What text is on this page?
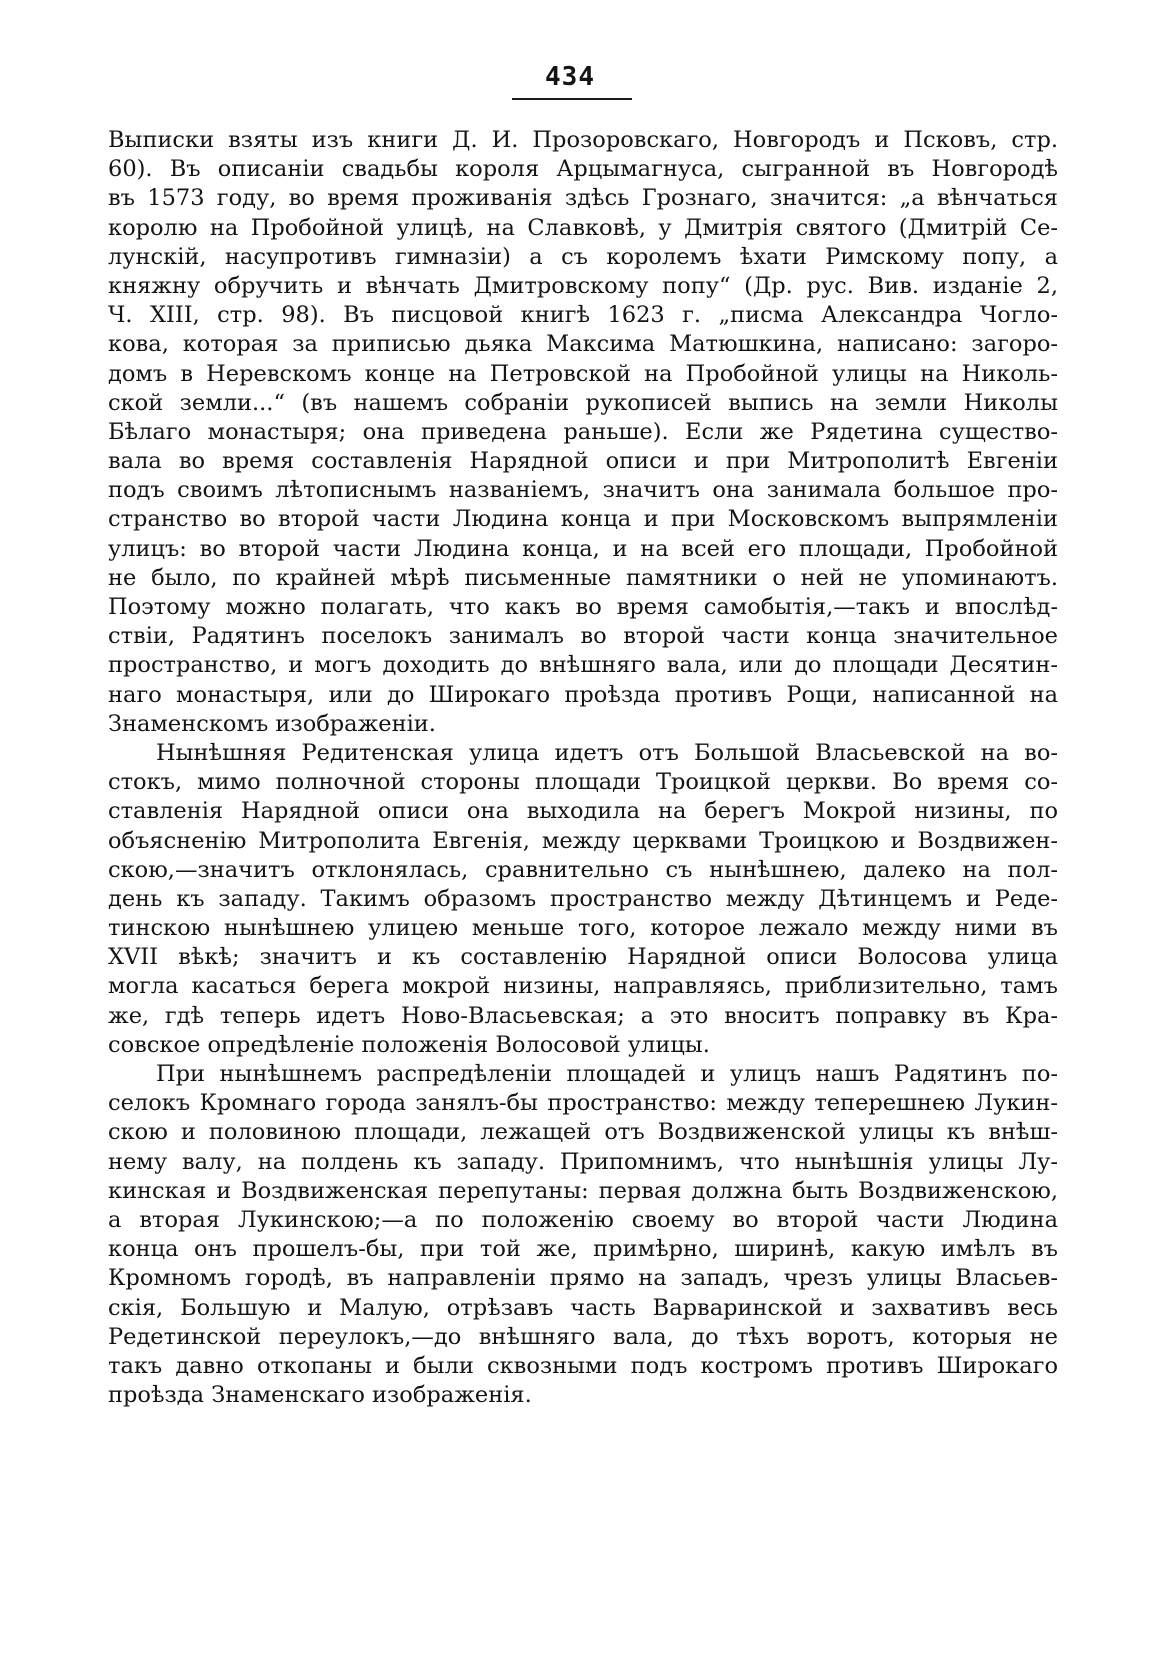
434
Выписки взяты изъ книги Д. И. Прозоровскаго, Новгородъ и Псковъ, стр.
60). Въ описаніи свадьбы короля Арцымагнуса, сыгранной въ Новгородѣ
въ 1573 году, во время проживанія здѣсь Грознаго, значится: „а вѣнчаться
королю на Пробойной улицѣ, на Славковѣ, у Дмитрія святого (Дмитрій Се-
лунскій, насупротивъ гимназіи) а съ королемъ ѣхати Римскому попу, а
княжну обручить и вѣнчать Дмитровскому попу“ (Др. рус. Вив. изданіе 2,
Ч. XIII, стр. 98). Въ писцовой книгѣ 1623 г. „писма Александра Чогло-
кова, которая за приписью дьяка Максима Матюшкина, написано: загоро-
домъ в Неревскомъ конце на Петровской на Пробойной улицы на Николь-
ской земли...“ (въ нашемъ собраніи рукописей выпись на земли Николы
Бѣлаго монастыря; она приведена раньше). Если же Рядетина существо-
вала во время составленія Нарядной описи и при Митрополитѣ Евгеніи
подъ своимъ лѣтописнымъ названіемъ, значитъ она занимала большое про-
странство во второй части Людина конца и при Московскомъ выпрямленіи
улицъ: во второй части Людина конца, и на всей его площади, Пробойной
не было, по крайней мѣрѣ письменные памятники о ней не упоминаютъ.
Поэтому можно полагать, что какъ во время самобытія,—такъ и впослѣд-
ствіи, Радятинъ поселокъ занималъ во второй части конца значительное
пространство, и могъ доходить до внѣшняго вала, или до площади Десятин-
наго монастыря, или до Широкаго проѣзда противъ Рощи, написанной на
Знаменскомъ изображеніи.
Нынѣшняя Редитенская улица идетъ отъ Большой Власьевской на во-
стокъ, мимо полночной стороны площади Троицкой церкви. Во время со-
ставленія Нарядной описи она выходила на берегъ Мокрой низины, по
объясненію Митрополита Евгенія, между церквами Троицкою и Воздвижен-
скою,—значитъ отклонялась, сравнительно съ нынѣшнею, далеко на пол-
день къ западу. Такимъ образомъ пространство между Дѣтинцемъ и Реде-
тинскою нынѣшнею улицею меньше того, которое лежало между ними въ
XVII вѣкѣ; значитъ и къ составленію Нарядной описи Волосова улица
могла касаться берега мокрой низины, направляясь, приблизительно, тамъ
же, гдѣ теперь идетъ Ново-Власьевская; а это вноситъ поправку въ Кра-
совское опредѣленіе положенія Волосовой улицы.
При нынѣшнемъ распредѣленіи площадей и улицъ нашъ Радятинъ по-
селокъ Кромнаго города занялъ-бы пространство: между теперешнею Лукин-
скою и половиною площади, лежащей отъ Воздвиженской улицы къ внѣш-
нему валу, на полдень къ западу. Припомнимъ, что нынѣшнія улицы Лу-
кинская и Воздвиженская перепутаны: первая должна быть Воздвиженскою,
а вторая Лукинскою;—а по положенію своему во второй части Людина
конца онъ прошелъ-бы, при той же, примѣрно, ширинѣ, какую имѣлъ въ
Кромномъ городѣ, въ направленіи прямо на западъ, чрезъ улицы Власьев-
скія, Большую и Малую, отрѣзавъ часть Варваринской и захвативъ весь
Редетинской переулокъ,—до внѣшняго вала, до тѣхъ воротъ, которыя не
такъ давно откопаны и были сквозными подъ костромъ противъ Широкаго
проѣзда Знаменскаго изображенія.
